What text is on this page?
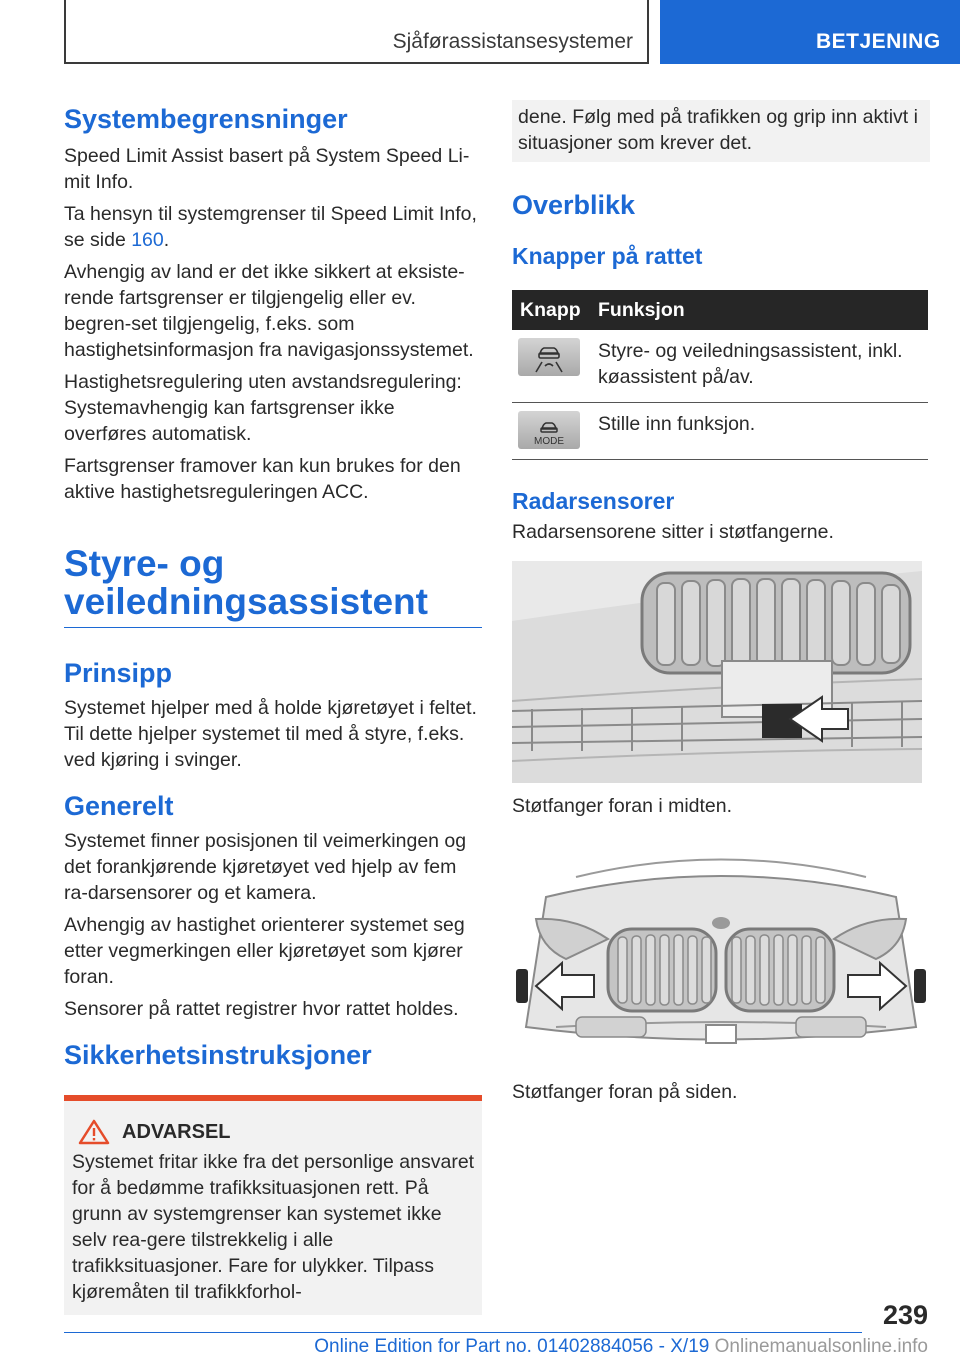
Sjåførassistansesystemer	BETJENING
Systembegrensninger

Speed Limit Assist basert på System Speed Li-mit Info.

Ta hensyn til systemgrenser til Speed Limit Info, se side 160.

Avhengig av land er det ikke sikkert at eksiste-rende fartsgrenser er tilgjengelig eller ev. begren-set tilgjengelig, f.eks. som hastighetsinformasjon fra navigasjonssystemet.

Hastighetsregulering uten avstandsregulering: Systemavhengig kan fartsgrenser ikke overføres automatisk.

Fartsgrenser framover kan kun brukes for den aktive hastighetsreguleringen ACC.

Styre- og
veiledningsassistent
Prinsipp

Systemet hjelper med å holde kjøretøyet i feltet. Til dette hjelper systemet til med å styre, f.eks. ved kjøring i svinger.

Generelt

Systemet finner posisjonen til veimerkingen og det forankjørende kjøretøyet ved hjelp av fem ra-darsensorer og et kamera.

Avhengig av hastighet orienterer systemet seg etter vegmerkingen eller kjøretøyet som kjører foran.

Sensorer på rattet registrer hvor rattet holdes.

Sikkerhetsinstruksjoner
ADVARSEL

Systemet fritar ikke fra det personlige ansvaret for å bedømme trafikksituasjonen rett. På grunn av systemgrenser kan systemet ikke selv rea-gere tilstrekkelig i alle trafikksituasjoner. Fare for ulykker. Tilpass kjøremåten til trafikkforhol-

dene. Følg med på trafikken og grip inn aktivt i situasjoner som krever det.

Overblikk
Knapper på rattet
Knapp	Funksjon

	Styre- og veiledningsassistent, inkl. køassistent på/av.

MODE	Stille inn funksjon.
Radarsensorer

Radarsensorene sitter i støtfangerne.

Støtfanger foran i midten.

Støtfanger foran på siden.

239
Online Edition for Part no. 01402884056 - X/19 Onlinemanualsonline.info
